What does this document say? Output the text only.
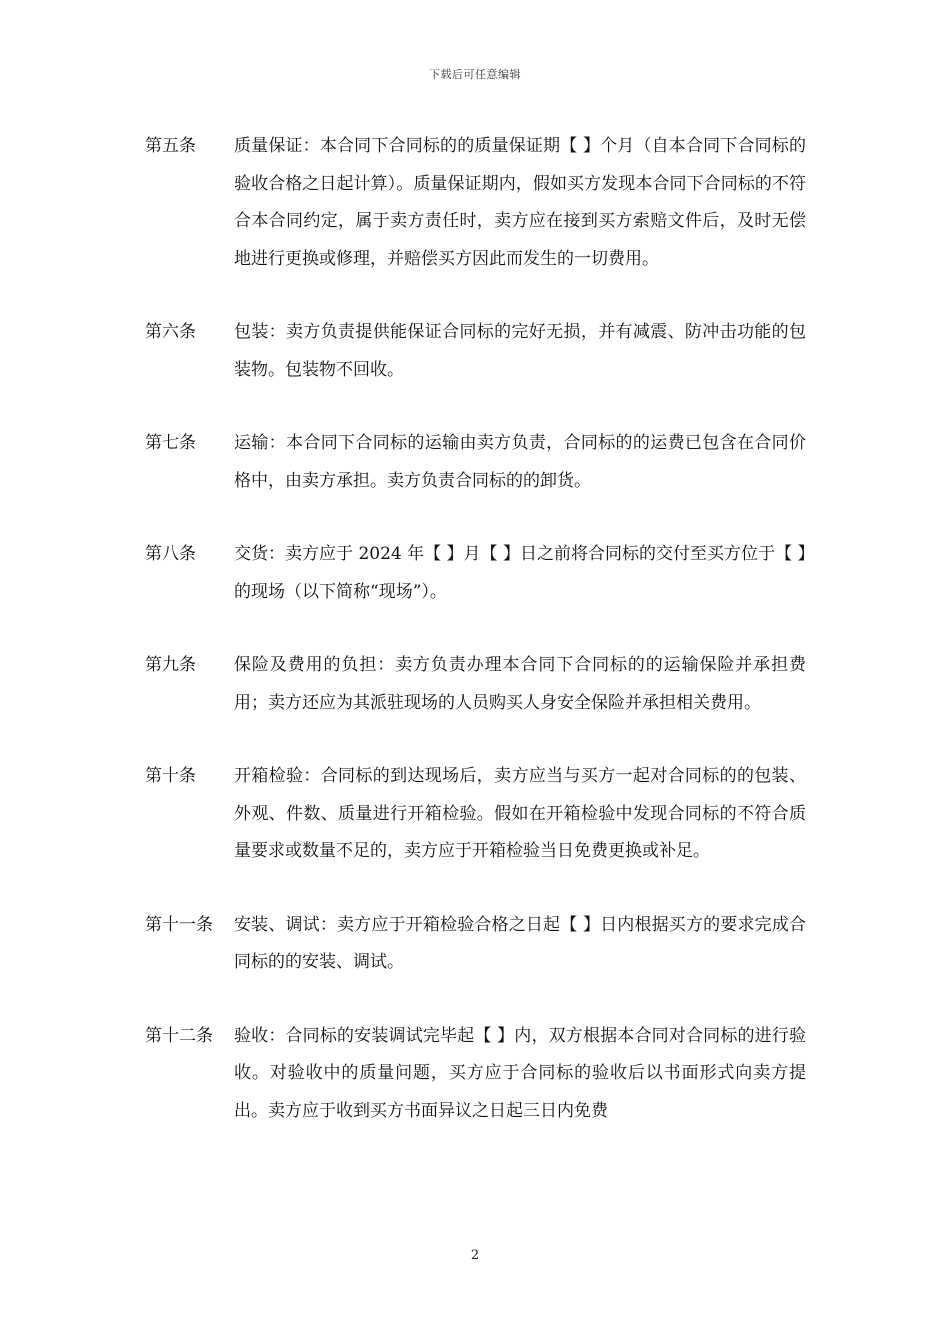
下载后可任意编辑
第五条	质量保证：本合同下合同标的的质量保证期【 】个月（自本合同下合同标的验收合格之日起计算）。质量保证期内，假如买方发现本合同下合同标的不符合本合同约定，属于卖方责任时，卖方应在接到买方索赔文件后，及时无偿地进行更换或修理，并赔偿买方因此而发生的一切费用。
第六条	包装：卖方负责提供能保证合同标的完好无损，并有减震、防冲击功能的包装物。包装物不回收。
第七条	运输：本合同下合同标的运输由卖方负责，合同标的的运费已包含在合同价格中，由卖方承担。卖方负责合同标的的卸货。
第八条	交货：卖方应于 2024 年【 】月【 】日之前将合同标的交付至买方位于【 】的现场（以下简称“现场”）。
第九条	保险及费用的负担：卖方负责办理本合同下合同标的的运输保险并承担费用；卖方还应为其派驻现场的人员购买人身安全保险并承担相关费用。
第十条	开箱检验：合同标的到达现场后，卖方应当与买方一起对合同标的的包装、外观、件数、质量进行开箱检验。假如在开箱检验中发现合同标的不符合质量要求或数量不足的，卖方应于开箱检验当日免费更换或补足。
第十一条	安装、调试：卖方应于开箱检验合格之日起【 】日内根据买方的要求完成合同标的的安装、调试。
第十二条	验收：合同标的安装调试完毕起【 】内，双方根据本合同对合同标的进行验收。对验收中的质量问题，买方应于合同标的验收后以书面形式向卖方提出。卖方应于收到买方书面异议之日起三日内免费
2
